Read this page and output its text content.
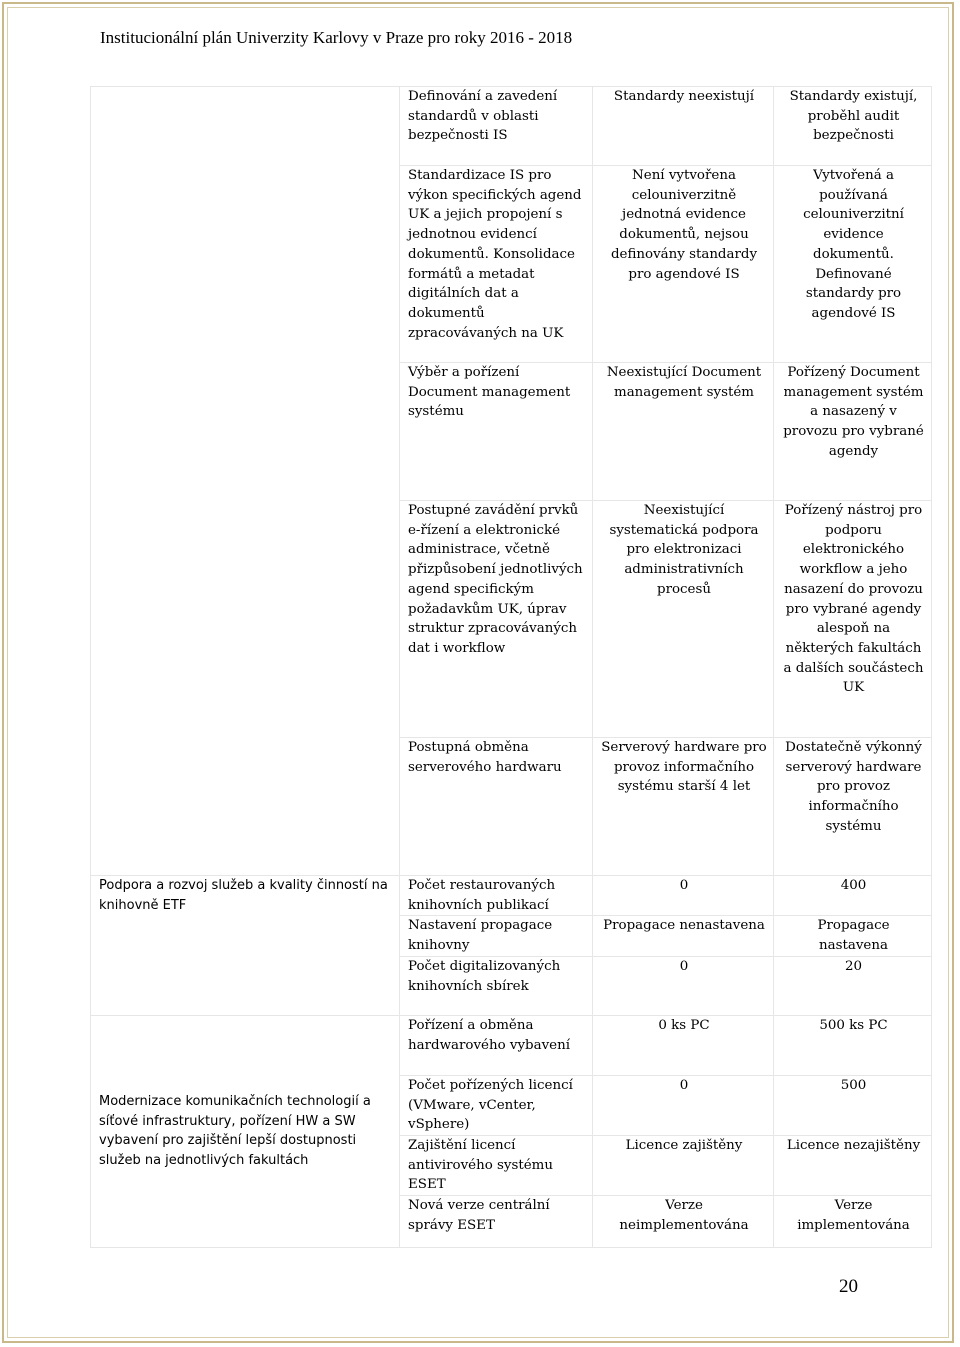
Institucionální plán Univerzity Karlovy v Praze pro roky 2016 - 2018
	Definování a zavedení standardů v oblasti bezpečnosti IS	Standardy neexistují	Standardy existují, proběhl audit bezpečnosti
	Standardizace IS pro výkon specifických agend UK a jejich propojení s jednotnou evidencí dokumentů. Konsolidace formátů a metadat digitálních dat a dokumentů zpracovávaných na UK	Není vytvořena celouniverzitně jednotná evidence dokumentů, nejsou definovány standardy pro agendové IS	Vytvořená a používaná celouniverzitní evidence dokumentů. Definované standardy pro agendové IS
	Výběr a pořízení Document management systému	Neexistující Document management systém	Pořízený Document management systém a nasazený v provozu pro vybrané agendy
	Postupné zavádění prvků e-řízení a elektronické administrace, včetně přizpůsobení jednotlivých agend specifickým požadavkům UK, úprav struktur zpracovávaných dat i workflow	Neexistující systematická podpora pro elektronizaci administrativních procesů	Pořízený nástroj pro podporu elektronického workflow a jeho nasazení do provozu pro vybrané agendy alespoň na některých fakultách a dalších součástech UK
	Postupná obměna serverového hardwaru	Serverový hardware pro provoz informačního systému starší 4 let	Dostatečně výkonný serverový hardware pro provoz informačního systému
Podpora a rozvoj služeb a kvality činností na knihovně ETF	Počet restaurovaných knihovních publikací	0	400
	Nastavení propagace knihovny	Propagace nenastavena	Propagace nastavena
	Počet digitalizovaných knihovních sbírek	0	20
Modernizace komunikačních technologií a síťové infrastruktury, pořízení HW a SW vybavení pro zajištění lepší dostupnosti služeb na jednotlivých fakultách	Pořízení a obměna hardwarového vybavení	0 ks PC	500 ks PC
	Počet pořízených licencí (VMware, vCenter, vSphere)	0	500
	Zajištění licencí antivirového systému ESET	Licence zajištěny	Licence nezajištěny
	Nová verze centrální správy ESET	Verze neimplementována	Verze implementována
20
